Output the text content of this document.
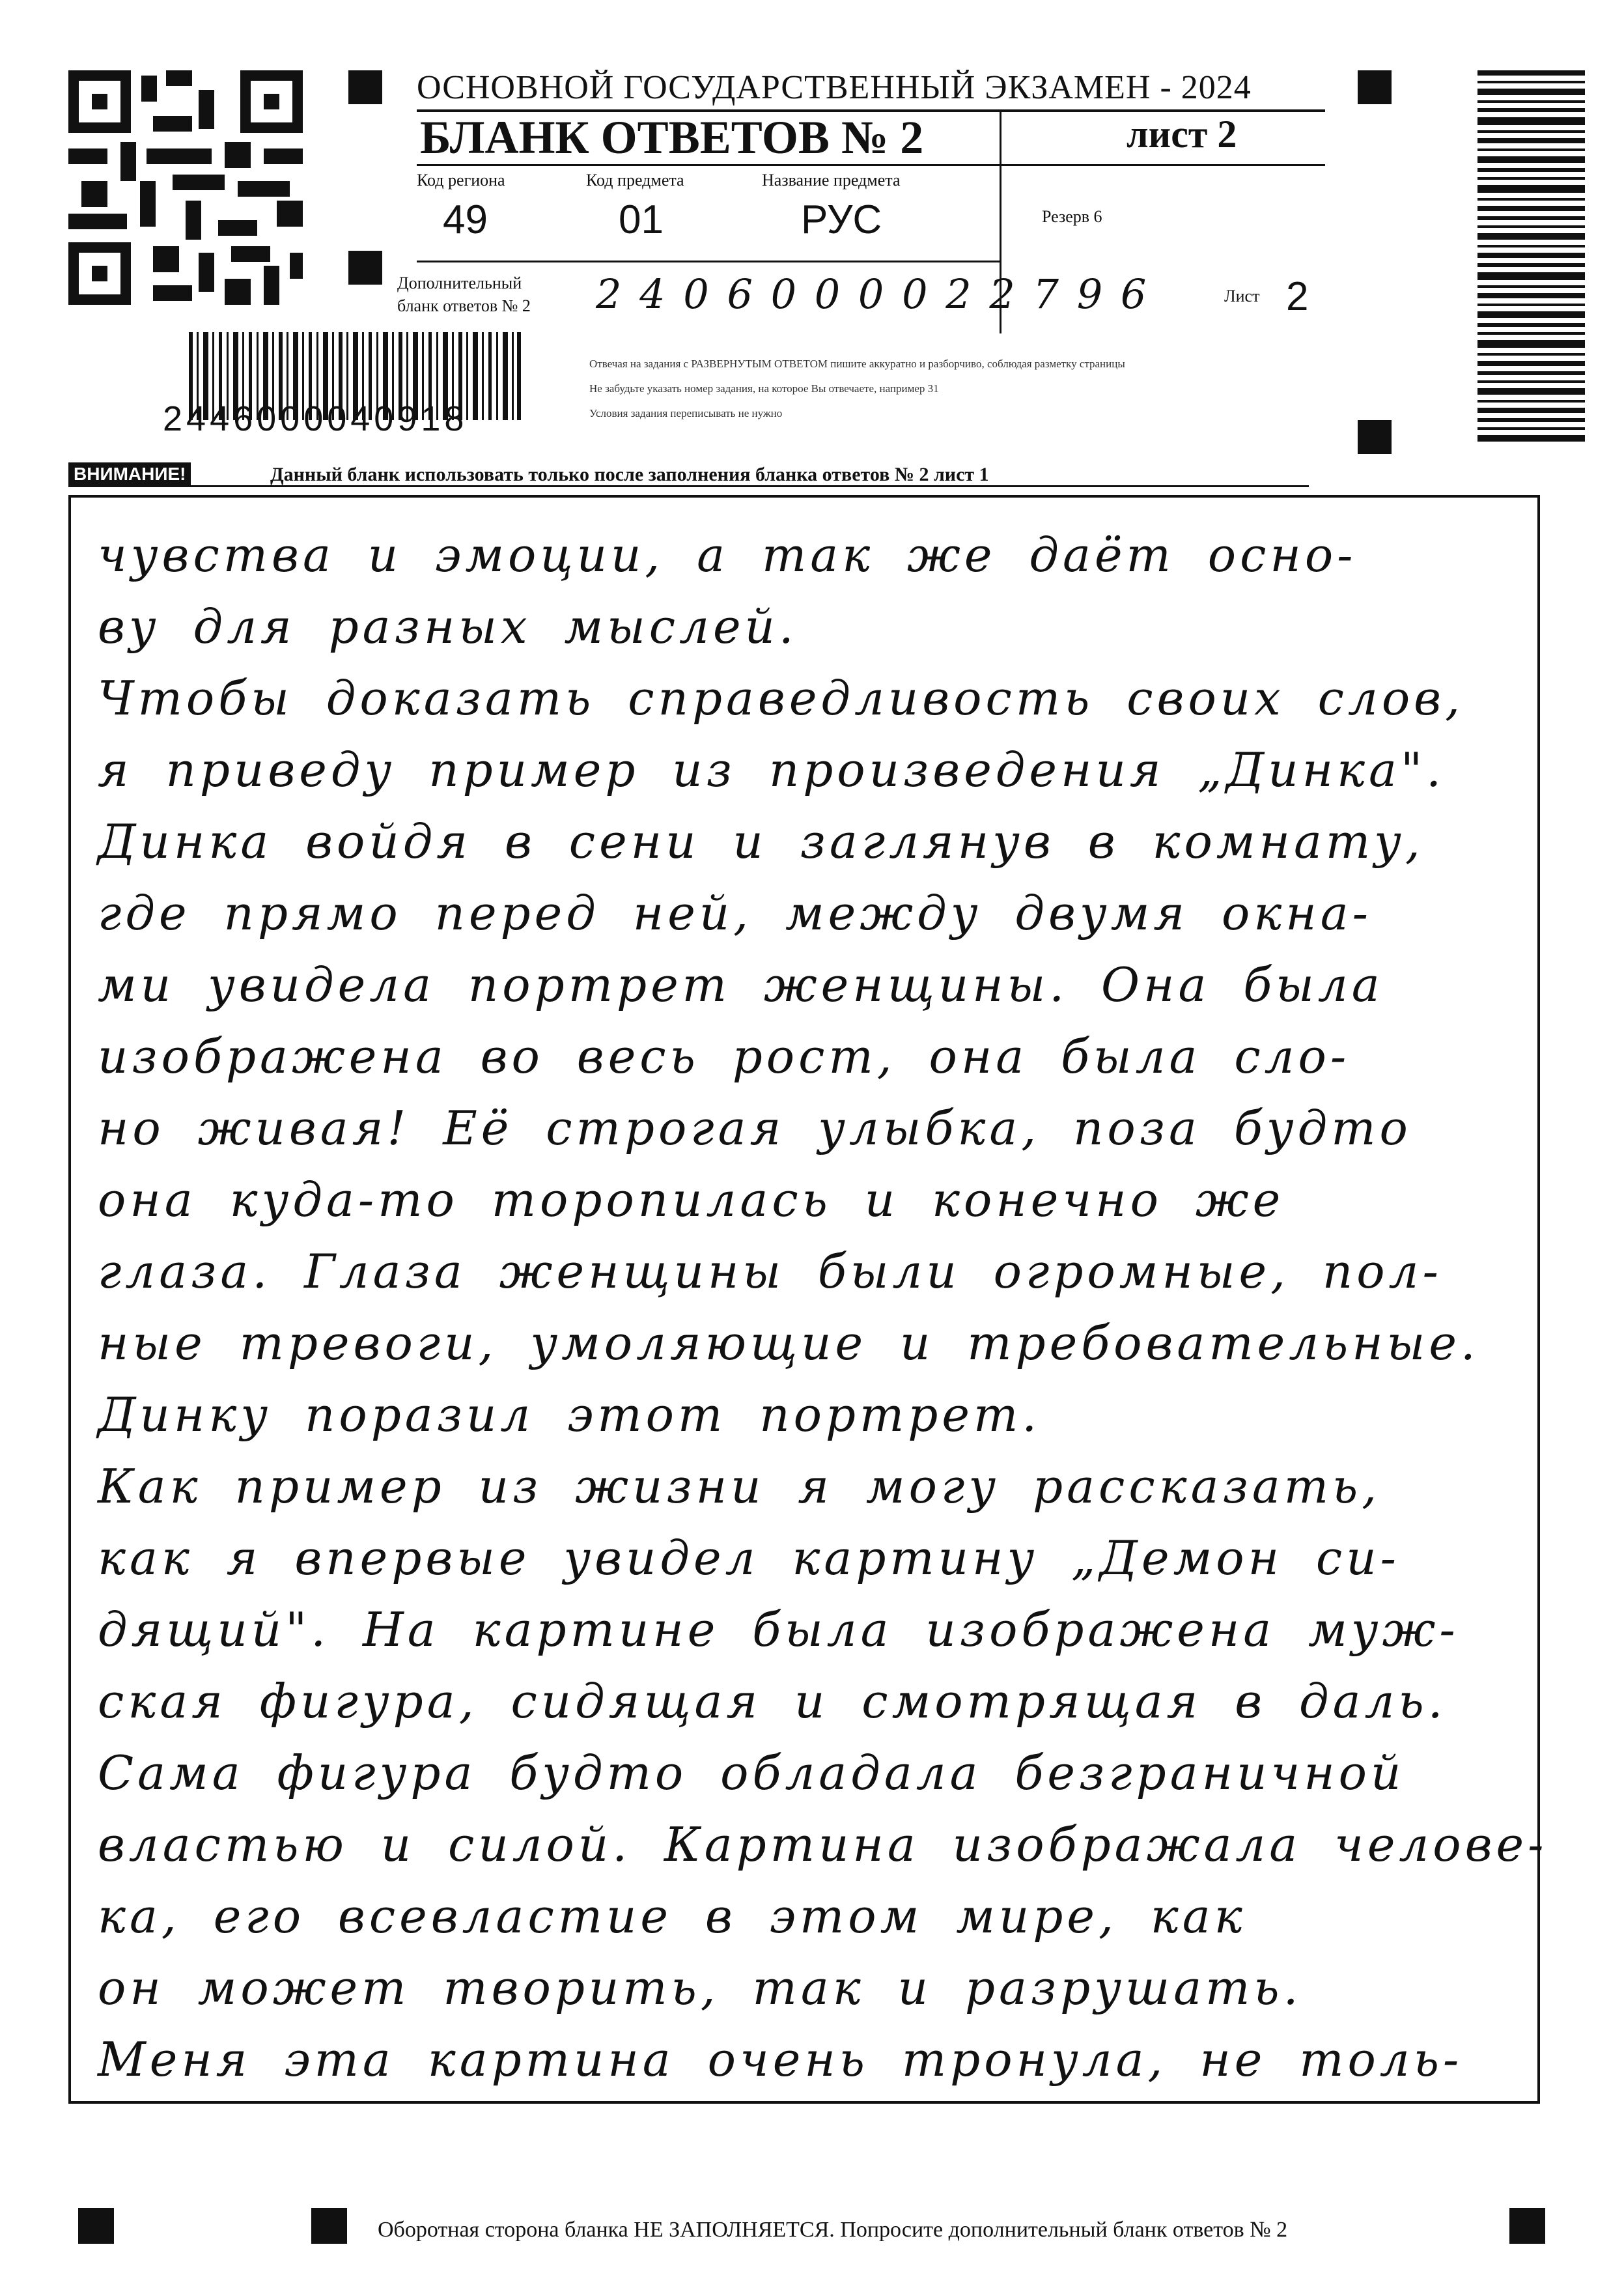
ОСНОВНОЙ ГОСУДАРСТВЕННЫЙ ЭКЗАМЕН - 2024
БЛАНК ОТВЕТОВ № 2	лист 2
Код региона
49
Код предмета
01
Название предмета
РУС	Резерв 6
Дополнительный
бланк ответов № 2 2 4 0 6 0 0 0 0 2 2 7 9 6	Лист 2
Отвечая на задания с РАЗВЕРНУТЫМ ОТВЕТОМ пишите аккуратно и разборчиво, соблюдая разметку страницы
Не забудьте указать номер задания, на которое Вы отвечаете, например 31
Условия задания переписывать не нужно
2446000040918
ВНИМАНИЕ!	Данный бланк использовать только после заполнения бланка ответов № 2 лист 1
чувства и эмоции, а так же даёт осно-
ву для разных мыслей.
Чтобы доказать справедливость своих слов,
я приведу пример из произведения „Динка".
Динка войдя в сени и заглянув в комнату,
где прямо перед ней, между двумя окна-
ми увидела портрет женщины. Она была
изображена во весь рост, она была сло-
но живая! Её строгая улыбка, поза будто
она куда-то торопилась и конечно же
глаза. Глаза женщины были огромные, пол-
ные тревоги, умоляющие и требовательные.
Динку поразил этот портрет.
Как пример из жизни я могу рассказать,
как я впервые увидел картину „Демон си-
дящий". На картине была изображена муж-
ская фигура, сидящая и смотрящая в даль.
Сама фигура будто обладала безграничной
властью и силой. Картина изображала челове-
ка, его всевластие в этом мире, как
он может творить, так и разрушать.
Меня эта картина очень тронула, не толь-
Оборотная сторона бланка НЕ ЗАПОЛНЯЕТСЯ. Попросите дополнительный бланк ответов № 2
